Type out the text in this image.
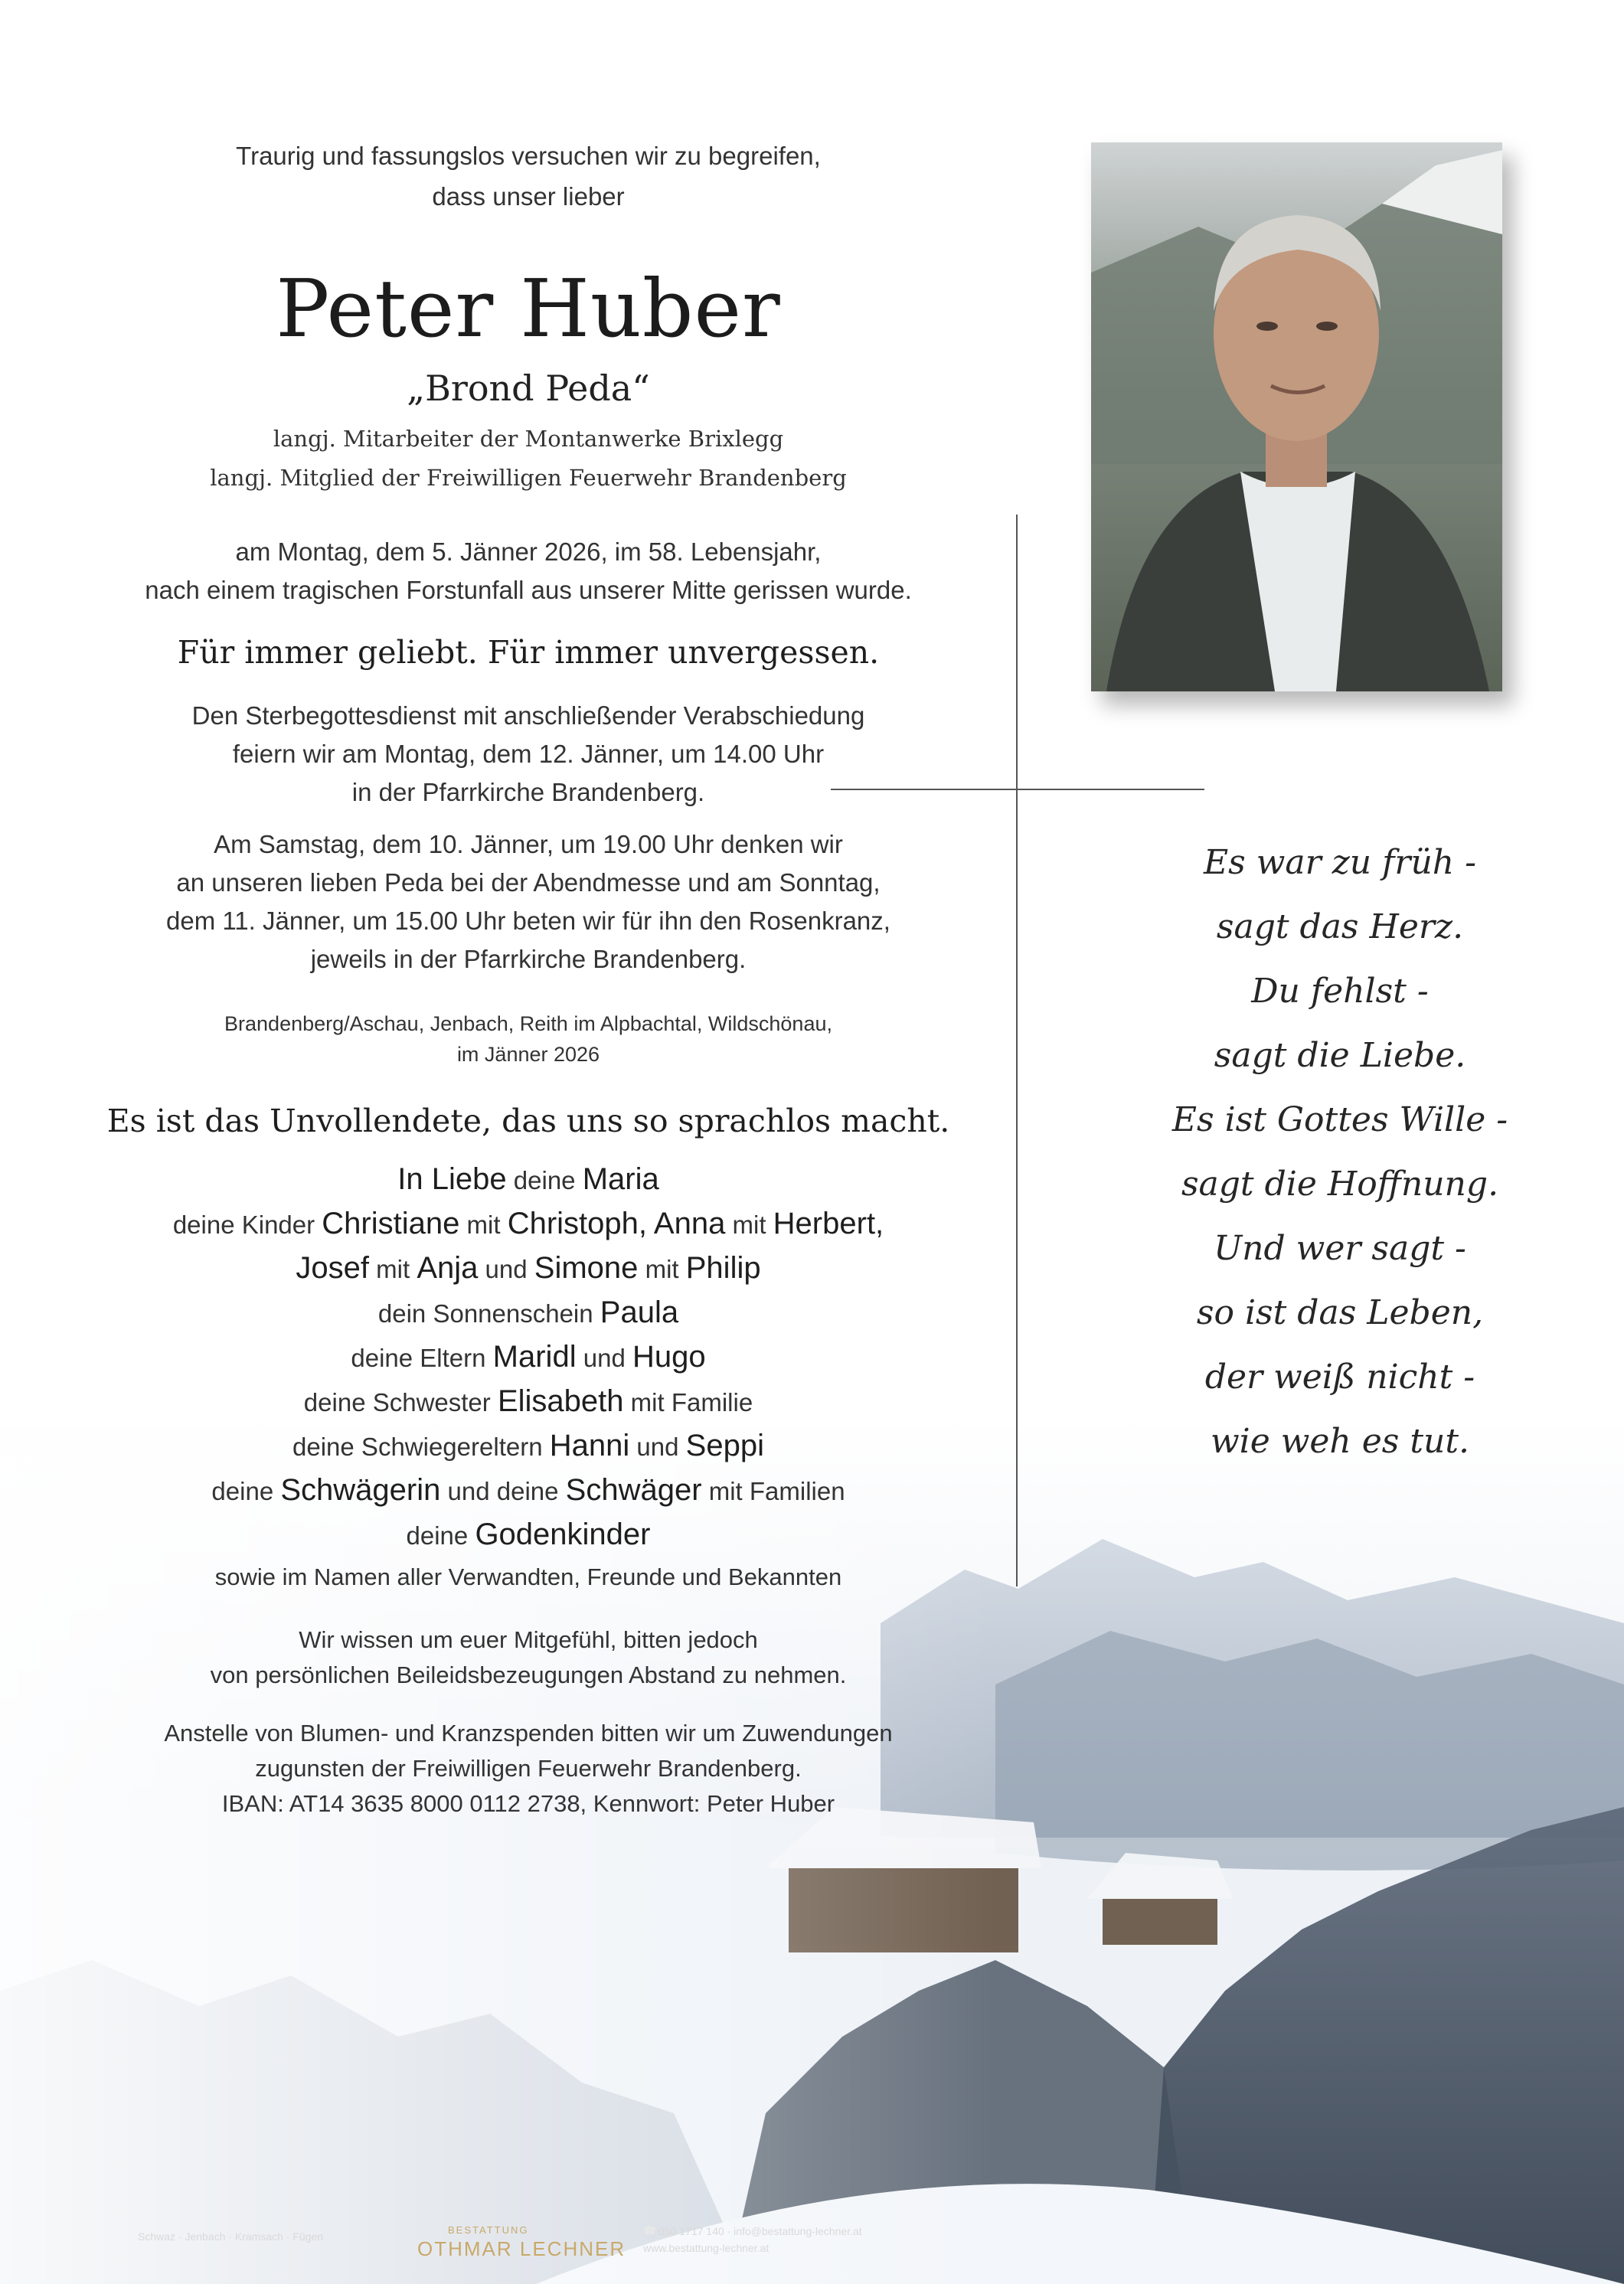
Traurig und fassungslos versuchen wir zu begreifen,
dass unser lieber
Peter Huber
„Brond Peda“
langj. Mitarbeiter der Montanwerke Brixlegg
langj. Mitglied der Freiwilligen Feuerwehr Brandenberg
am Montag, dem 5. Jänner 2026, im 58. Lebensjahr,
nach einem tragischen Forstunfall aus unserer Mitte gerissen wurde.
Für immer geliebt. Für immer unvergessen.
Den Sterbegottesdienst mit anschließender Verabschiedung
feiern wir am Montag, dem 12. Jänner, um 14.00 Uhr
in der Pfarrkirche Brandenberg.
Am Samstag, dem 10. Jänner, um 19.00 Uhr denken wir
an unseren lieben Peda bei der Abendmesse und am Sonntag,
dem 11. Jänner, um 15.00 Uhr beten wir für ihn den Rosenkranz,
jeweils in der Pfarrkirche Brandenberg.
Brandenberg/Aschau, Jenbach, Reith im Alpbachtal, Wildschönau,
im Jänner 2026
Es ist das Unvollendete, das uns so sprachlos macht.
In Liebe deine Maria
deine Kinder Christiane mit Christoph, Anna mit Herbert,
Josef mit Anja und Simone mit Philip
dein Sonnenschein Paula
deine Eltern Maridl und Hugo
deine Schwester Elisabeth mit Familie
deine Schwiegereltern Hanni und Seppi
deine Schwägerin und deine Schwäger mit Familien
deine Godenkinder
sowie im Namen aller Verwandten, Freunde und Bekannten
Wir wissen um euer Mitgefühl, bitten jedoch
von persönlichen Beileidsbezeugungen Abstand zu nehmen.
Anstelle von Blumen- und Kranzspenden bitten wir um Zuwendungen
zugunsten der Freiwilligen Feuerwehr Brandenberg.
IBAN: AT14 3635 8000 0112 2738, Kennwort: Peter Huber
Es war zu früh -
sagt das Herz.
Du fehlst -
sagt die Liebe.
Es ist Gottes Wille -
sagt die Hoffnung.
Und wer sagt -
so ist das Leben,
der weiß nicht -
wie weh es tut.
Schwaz · Jenbach · Kramsach · Fügen
BESTATTUNG
OTHMAR LECHNER
☎ 050 1717 140 · info@bestattung-lechner.at
www.bestattung-lechner.at
